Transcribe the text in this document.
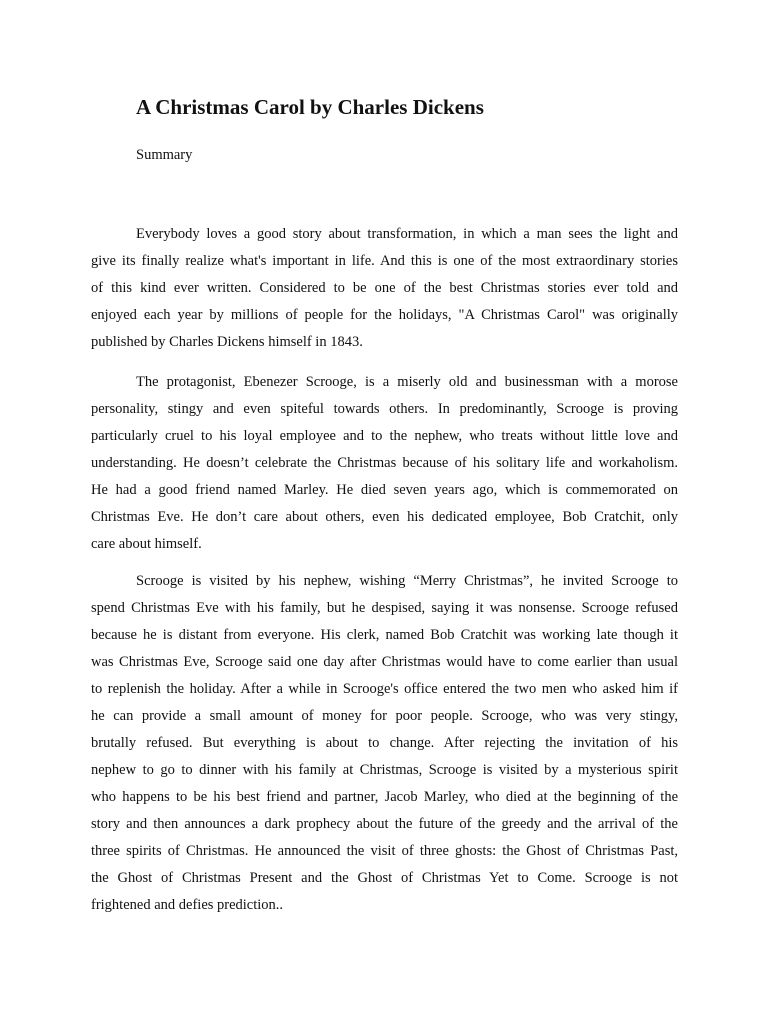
A Christmas Carol by Charles Dickens

Summary

Everybody loves a good story about transformation, in which a man sees the light and
give its finally realize what's important in life. And this is one of the most extraordinary stories
of this kind ever written. Considered to be one of the best Christmas stories ever told and
enjoyed each year by millions of people for the holidays, "A Christmas Carol" was originally
published by Charles Dickens himself in 1843.
The protagonist, Ebenezer Scrooge, is a miserly old and businessman with a morose
personality, stingy and even spiteful towards others. In predominantly, Scrooge is proving
particularly cruel to his loyal employee and to the nephew, who treats without little love and
understanding. He doesn’t celebrate the Christmas because of his solitary life and workaholism.
He had a good friend named Marley. He died seven years ago, which is commemorated on
Christmas Eve. He don’t care about others, even his dedicated employee, Bob Cratchit, only
care about himself.
Scrooge is visited by his nephew, wishing “Merry Christmas”, he invited Scrooge to
spend Christmas Eve with his family, but he despised, saying it was nonsense. Scrooge refused
because he is distant from everyone. His clerk, named Bob Cratchit was working late though it
was Christmas Eve, Scrooge said one day after Christmas would have to come earlier than usual
to replenish the holiday. After a while in Scrooge's office entered the two men who asked him if
he can provide a small amount of money for poor people. Scrooge, who was very stingy,
brutally refused. But everything is about to change. After rejecting the invitation of his
nephew to go to dinner with his family at Christmas, Scrooge is visited by a mysterious spirit
who happens to be his best friend and partner, Jacob Marley, who died at the beginning of the
story and then announces a dark prophecy about the future of the greedy and the arrival of the
three spirits of Christmas. He announced the visit of three ghosts: the Ghost of Christmas Past,
the Ghost of Christmas Present and the Ghost of Christmas Yet to Come. Scrooge is not
frightened and defies prediction..
